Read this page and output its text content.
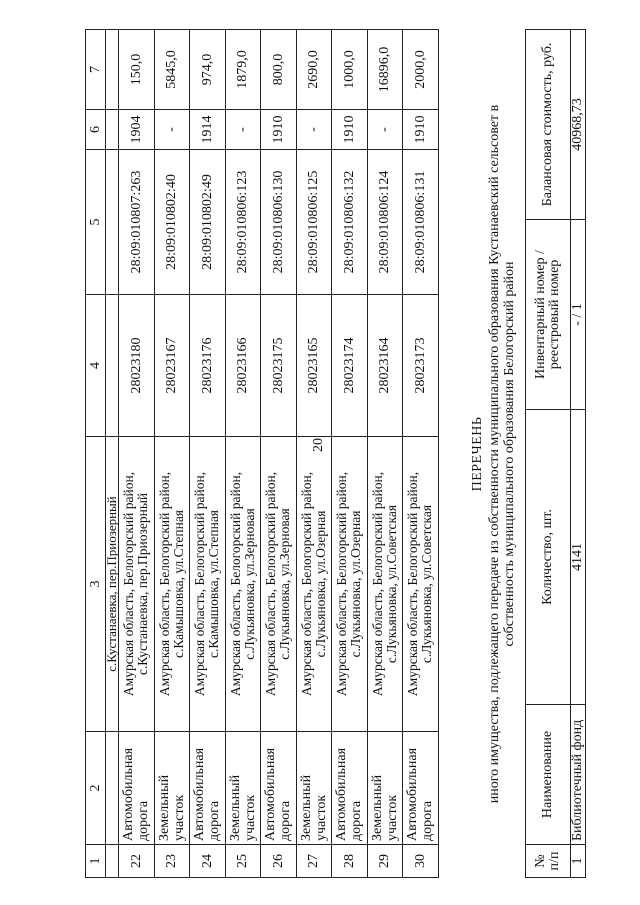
20
1	2	3	4	5	6	7
		с.Кустанаевка, пер.Приозерный				
22	Автомобильная дорога	Амурская область, Белогорский район, с.Кустанаевка, пер.Приозерный	28023180	28:09:010807:263	1904	150,0
23	Земельный участок	Амурская область, Белогорский район, с.Камышовка, ул.Степная	28023167	28:09:010802:40	-	5845,0
24	Автомобильная дорога	Амурская область, Белогорский район, с.Камышовка, ул.Степная	28023176	28:09:010802:49	1914	974,0
25	Земельный участок	Амурская область, Белогорский район, с.Лукьяновка, ул.Зерновая	28023166	28:09:010806:123	-	1879,0
26	Автомобильная дорога	Амурская область, Белогорский район, с.Лукьяновка, ул.Зерновая	28023175	28:09:010806:130	1910	800,0
27	Земельный участок	Амурская область, Белогорский район, с.Лукьяновка, ул.Озерная	28023165	28:09:010806:125	-	2690,0
28	Автомобильная дорога	Амурская область, Белогорский район, с.Лукьяновка, ул.Озерная	28023174	28:09:010806:132	1910	1000,0
29	Земельный участок	Амурская область, Белогорский район, с.Лукьяновка, ул.Советская	28023164	28:09:010806:124	-	16896,0
30	Автомобильная дорога	Амурская область, Белогорский район, с.Лукьяновка, ул.Советская	28023173	28:09:010806:131	1910	2000,0
ПЕРЕЧЕНЬ иного имущества, подлежащего передаче из собственности муниципального образования Кустанаевский сельсовет в собственность муниципального образования Белогорский район
№ п/п	Наименование	Количество, шт.	Инвентарный номер / реестровый номер	Балансовая стоимость, руб.
1	Библиотечный фонд	4141	- / 1	40968,73
